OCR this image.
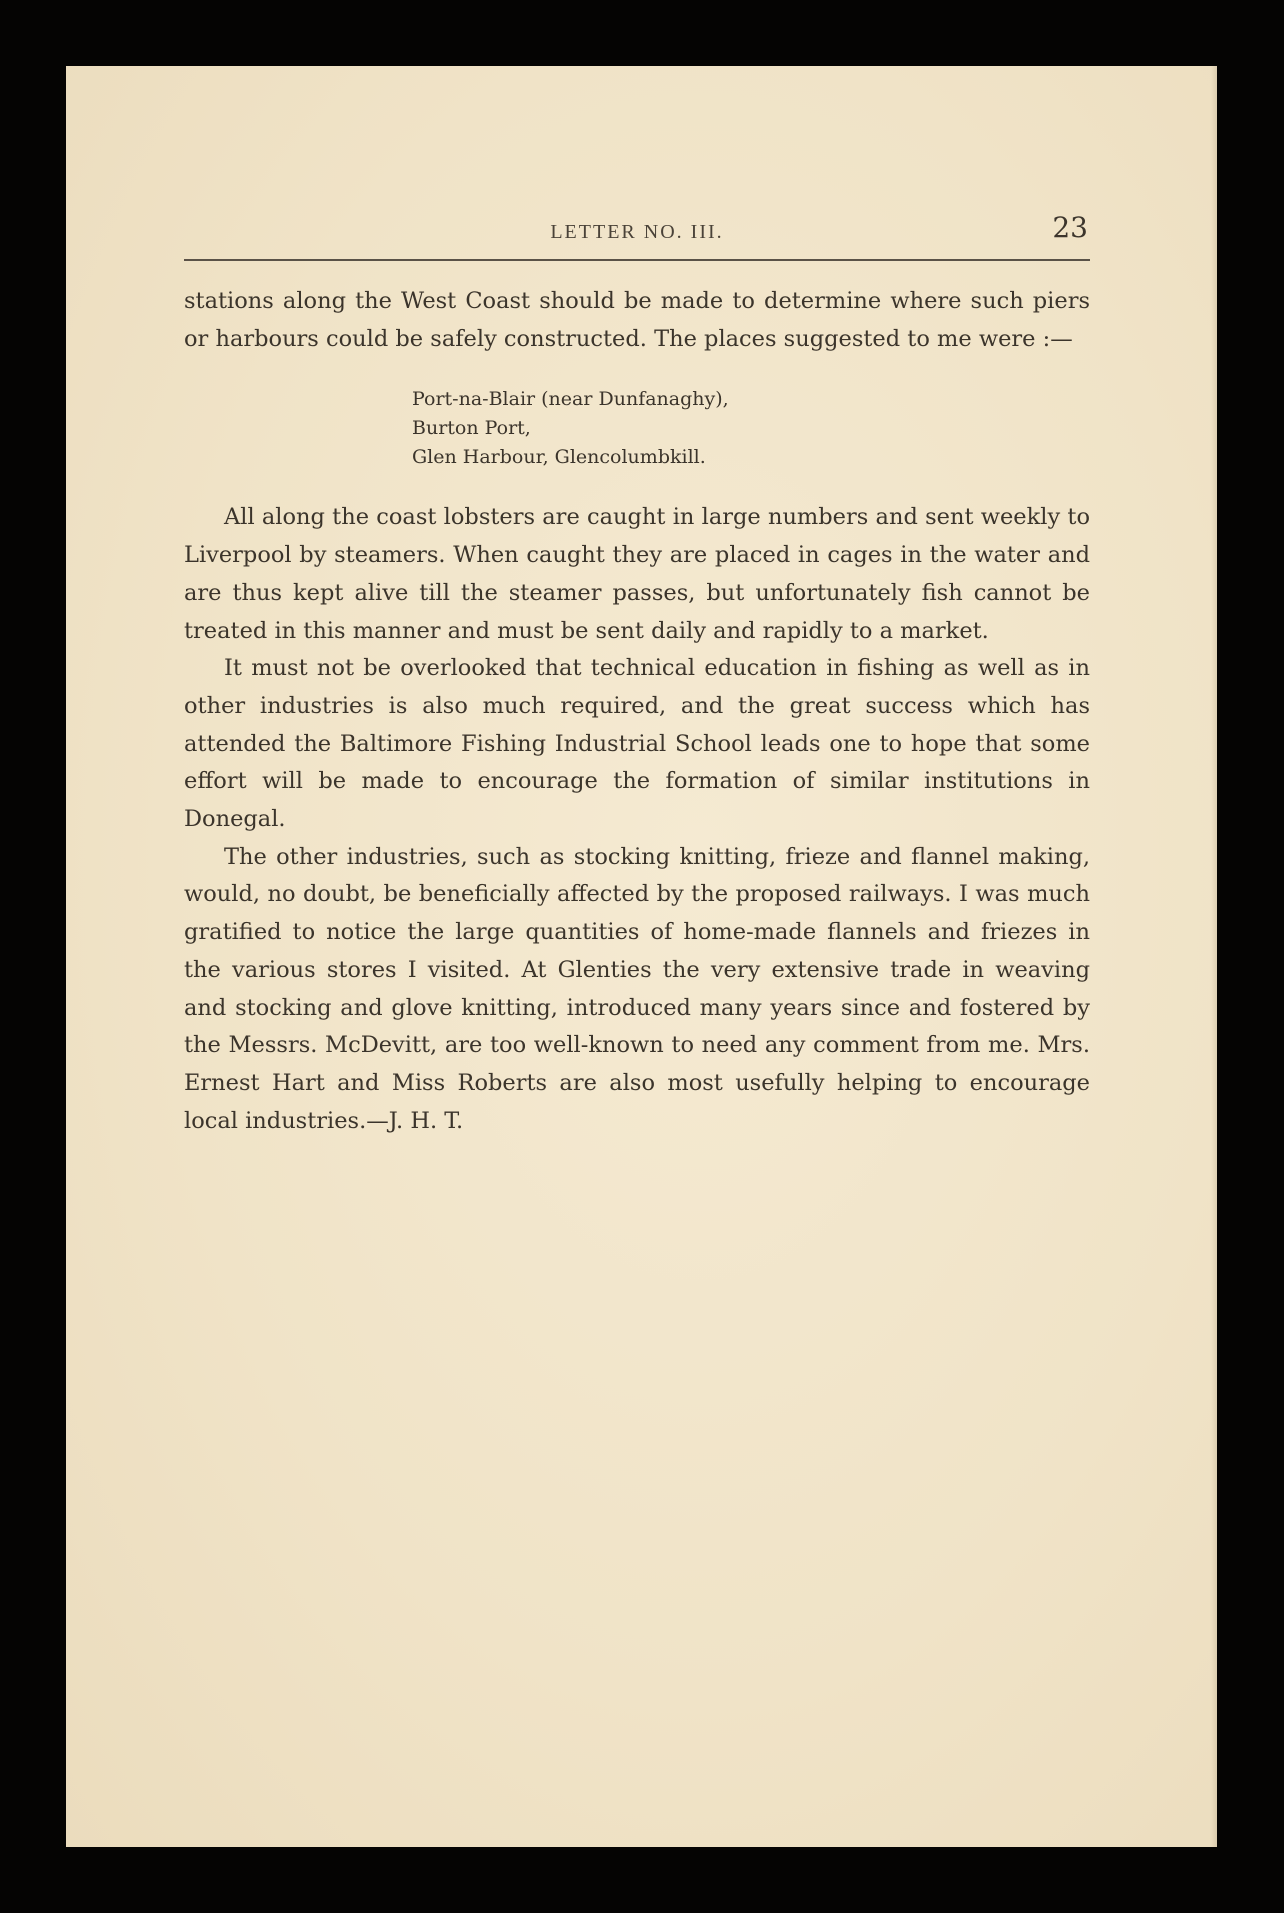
LETTER NO. III.	23

stations along the West Coast should be made to determine where such piers or harbours could be safely constructed. The places suggested to me were :—

Port-na-Blair (near Dunfanaghy),
Burton Port,
Glen Harbour, Glencolumbkill.

All along the coast lobsters are caught in large numbers and sent weekly to Liverpool by steamers. When caught they are placed in cages in the water and are thus kept alive till the steamer passes, but unfortunately fish cannot be treated in this manner and must be sent daily and rapidly to a market.

It must not be overlooked that technical education in fishing as well as in other industries is also much required, and the great success which has attended the Baltimore Fishing Industrial School leads one to hope that some effort will be made to encourage the formation of similar institutions in Donegal.

The other industries, such as stocking knitting, frieze and flannel making, would, no doubt, be beneficially affected by the proposed railways. I was much gratified to notice the large quantities of home-made flannels and friezes in the various stores I visited. At Glenties the very extensive trade in weaving and stocking and glove knitting, introduced many years since and fostered by the Messrs. McDevitt, are too well-known to need any comment from me. Mrs. Ernest Hart and Miss Roberts are also most usefully helping to encourage local industries.—J. H. T.
